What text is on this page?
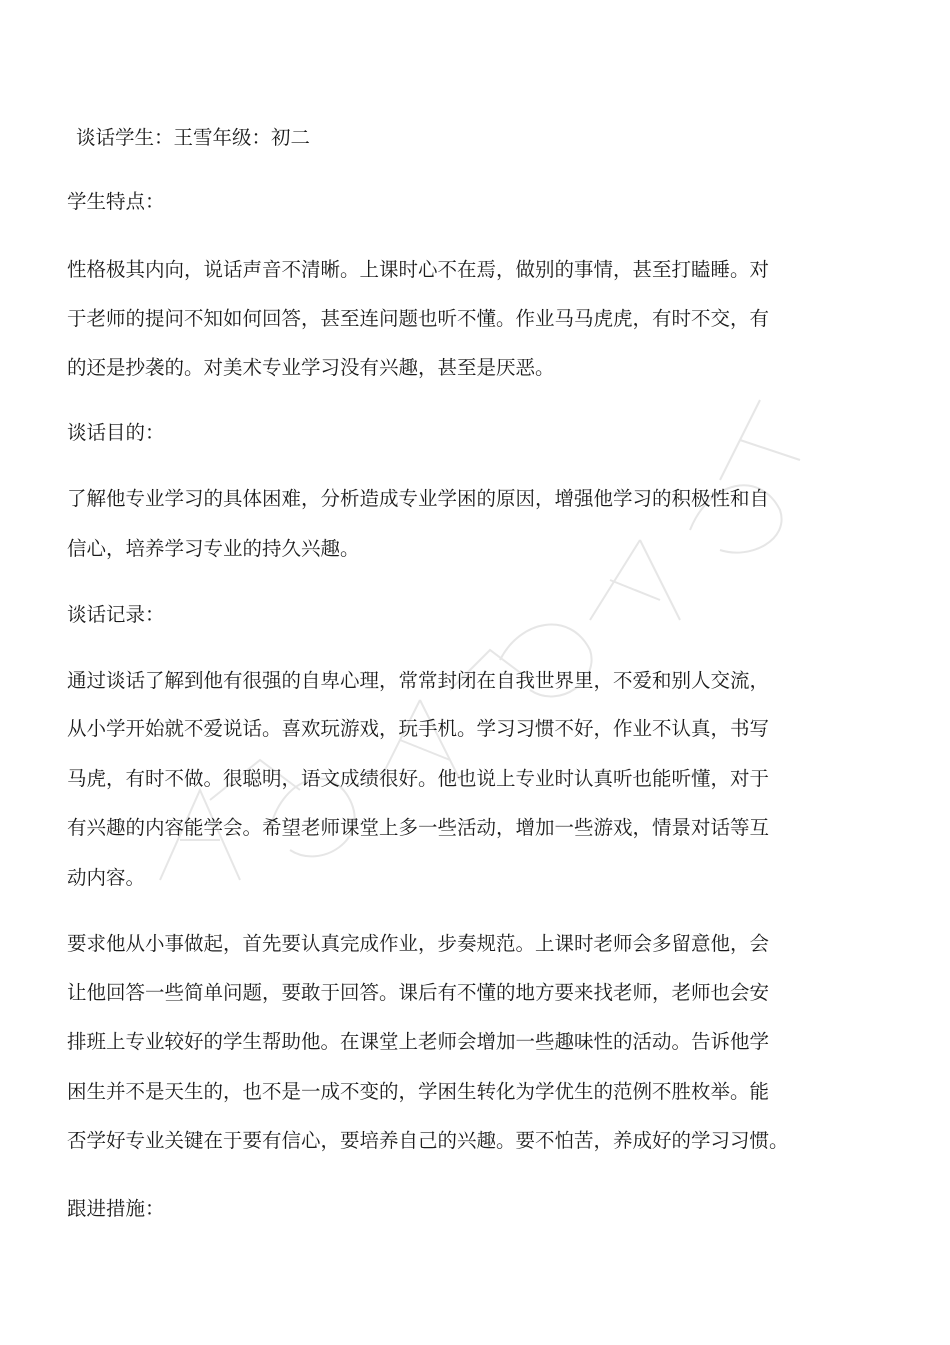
谈话学生：王雪年级：初二
学生特点：
性格极其内向，说话声音不清晰。上课时心不在焉，做别的事情，甚至打瞌睡。对
于老师的提问不知如何回答，甚至连问题也听不懂。作业马马虎虎，有时不交，有
的还是抄袭的。对美术专业学习没有兴趣，甚至是厌恶。
谈话目的：
了解他专业学习的具体困难，分析造成专业学困的原因，增强他学习的积极性和自
信心，培养学习专业的持久兴趣。
谈话记录：
通过谈话了解到他有很强的自卑心理，常常封闭在自我世界里，不爱和别人交流，
从小学开始就不爱说话。喜欢玩游戏，玩手机。学习习惯不好，作业不认真，书写
马虎，有时不做。很聪明，语文成绩很好。他也说上专业时认真听也能听懂，对于
有兴趣的内容能学会。希望老师课堂上多一些活动，增加一些游戏，情景对话等互
动内容。
要求他从小事做起，首先要认真完成作业，步奏规范。上课时老师会多留意他，会
让他回答一些简单问题，要敢于回答。课后有不懂的地方要来找老师，老师也会安
排班上专业较好的学生帮助他。在课堂上老师会增加一些趣味性的活动。告诉他学
困生并不是天生的，也不是一成不变的，学困生转化为学优生的范例不胜枚举。能
否学好专业关键在于要有信心，要培养自己的兴趣。要不怕苦，养成好的学习习惯。
跟进措施：
